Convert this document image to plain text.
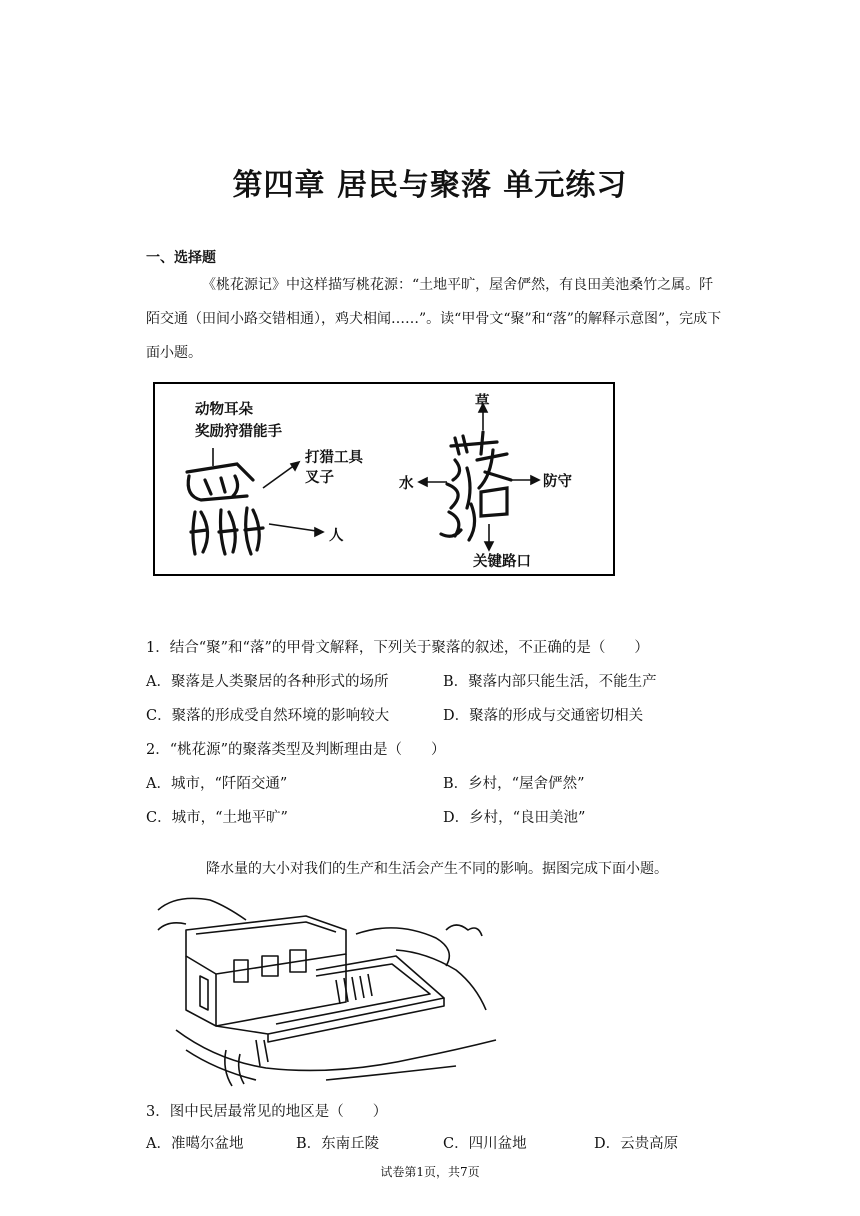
第四章 居民与聚落 单元练习
一、选择题
《桃花源记》中这样描写桃花源：“土地平旷，屋舍俨然，有良田美池桑竹之属。阡陌交通（田间小路交错相通），鸡犬相闻……”。读“甲骨文“聚”和“落”的解释示意图”，完成下面小题。
动物耳朵
奖励狩猎能手
打猎工具
叉子
人
草
水	防守
关键路口
1．结合“聚”和“落”的甲骨文解释，下列关于聚落的叙述，不正确的是（　　）
A．聚落是人类聚居的各种形式的场所	B．聚落内部只能生活，不能生产
C．聚落的形成受自然环境的影响较大	D．聚落的形成与交通密切相关
2．“桃花源”的聚落类型及判断理由是（　　）
A．城市，“阡陌交通”	B．乡村，“屋舍俨然”
C．城市，“土地平旷”	D．乡村，“良田美池”
降水量的大小对我们的生产和生活会产生不同的影响。据图完成下面小题。
3．图中民居最常见的地区是（　　）
A．准噶尔盆地	B．东南丘陵	C．四川盆地	D．云贵高原
试卷第1页，共7页
